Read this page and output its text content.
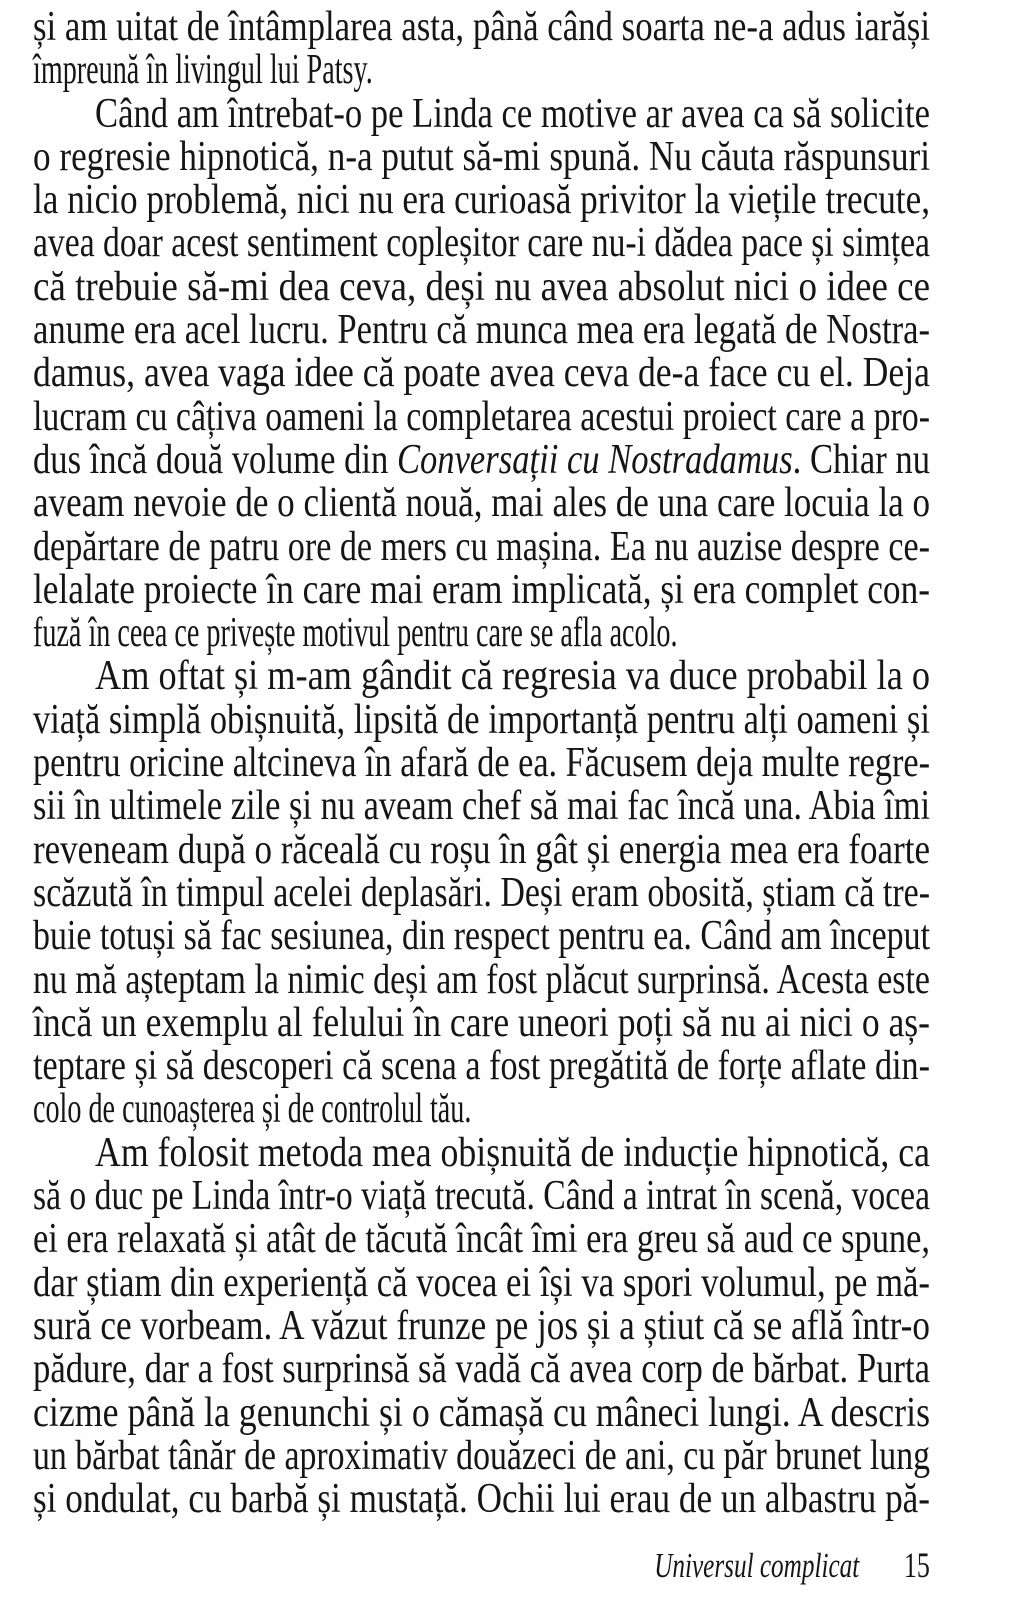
și am uitat de întâmplarea asta, până când soarta ne-a adus iarăși
împreună în livingul lui Patsy.
Când am întrebat-o pe Linda ce motive ar avea ca să solicite
o regresie hipnotică, n-a putut să-mi spună. Nu căuta răspunsuri
la nicio problemă, nici nu era curioasă privitor la viețile trecute,
avea doar acest sentiment copleșitor care nu-i dădea pace și simțea
că trebuie să-mi dea ceva, deși nu avea absolut nici o idee ce
anume era acel lucru. Pentru că munca mea era legată de Nostra-
damus, avea vaga idee că poate avea ceva de-a face cu el. Deja
lucram cu câțiva oameni la completarea acestui proiect care a pro-
dus încă două volume din Conversații cu Nostradamus. Chiar nu
aveam nevoie de o clientă nouă, mai ales de una care locuia la o
depărtare de patru ore de mers cu mașina. Ea nu auzise despre ce-
lelalate proiecte în care mai eram implicată, și era complet con-
fuză în ceea ce privește motivul pentru care se afla acolo.
Am oftat și m-am gândit că regresia va duce probabil la o
viață simplă obișnuită, lipsită de importanță pentru alți oameni și
pentru oricine altcineva în afară de ea. Făcusem deja multe regre-
sii în ultimele zile și nu aveam chef să mai fac încă una. Abia îmi
reveneam după o răceală cu roșu în gât și energia mea era foarte
scăzută în timpul acelei deplasări. Deși eram obosită, știam că tre-
buie totuși să fac sesiunea, din respect pentru ea. Când am început
nu mă așteptam la nimic deși am fost plăcut surprinsă. Acesta este
încă un exemplu al felului în care uneori poți să nu ai nici o aș-
teptare și să descoperi că scena a fost pregătită de forțe aflate din-
colo de cunoașterea și de controlul tău.
Am folosit metoda mea obișnuită de inducție hipnotică, ca
să o duc pe Linda într-o viață trecută. Când a intrat în scenă, vocea
ei era relaxată și atât de tăcută încât îmi era greu să aud ce spune,
dar știam din experiență că vocea ei își va spori volumul, pe mă-
sură ce vorbeam. A văzut frunze pe jos și a știut că se află într-o
pădure, dar a fost surprinsă să vadă că avea corp de bărbat. Purta
cizme până la genunchi și o cămașă cu mâneci lungi. A descris
un bărbat tânăr de aproximativ douăzeci de ani, cu păr brunet lung
și ondulat, cu barbă și mustață. Ochii lui erau de un albastru pă-
Universul complicat 15
